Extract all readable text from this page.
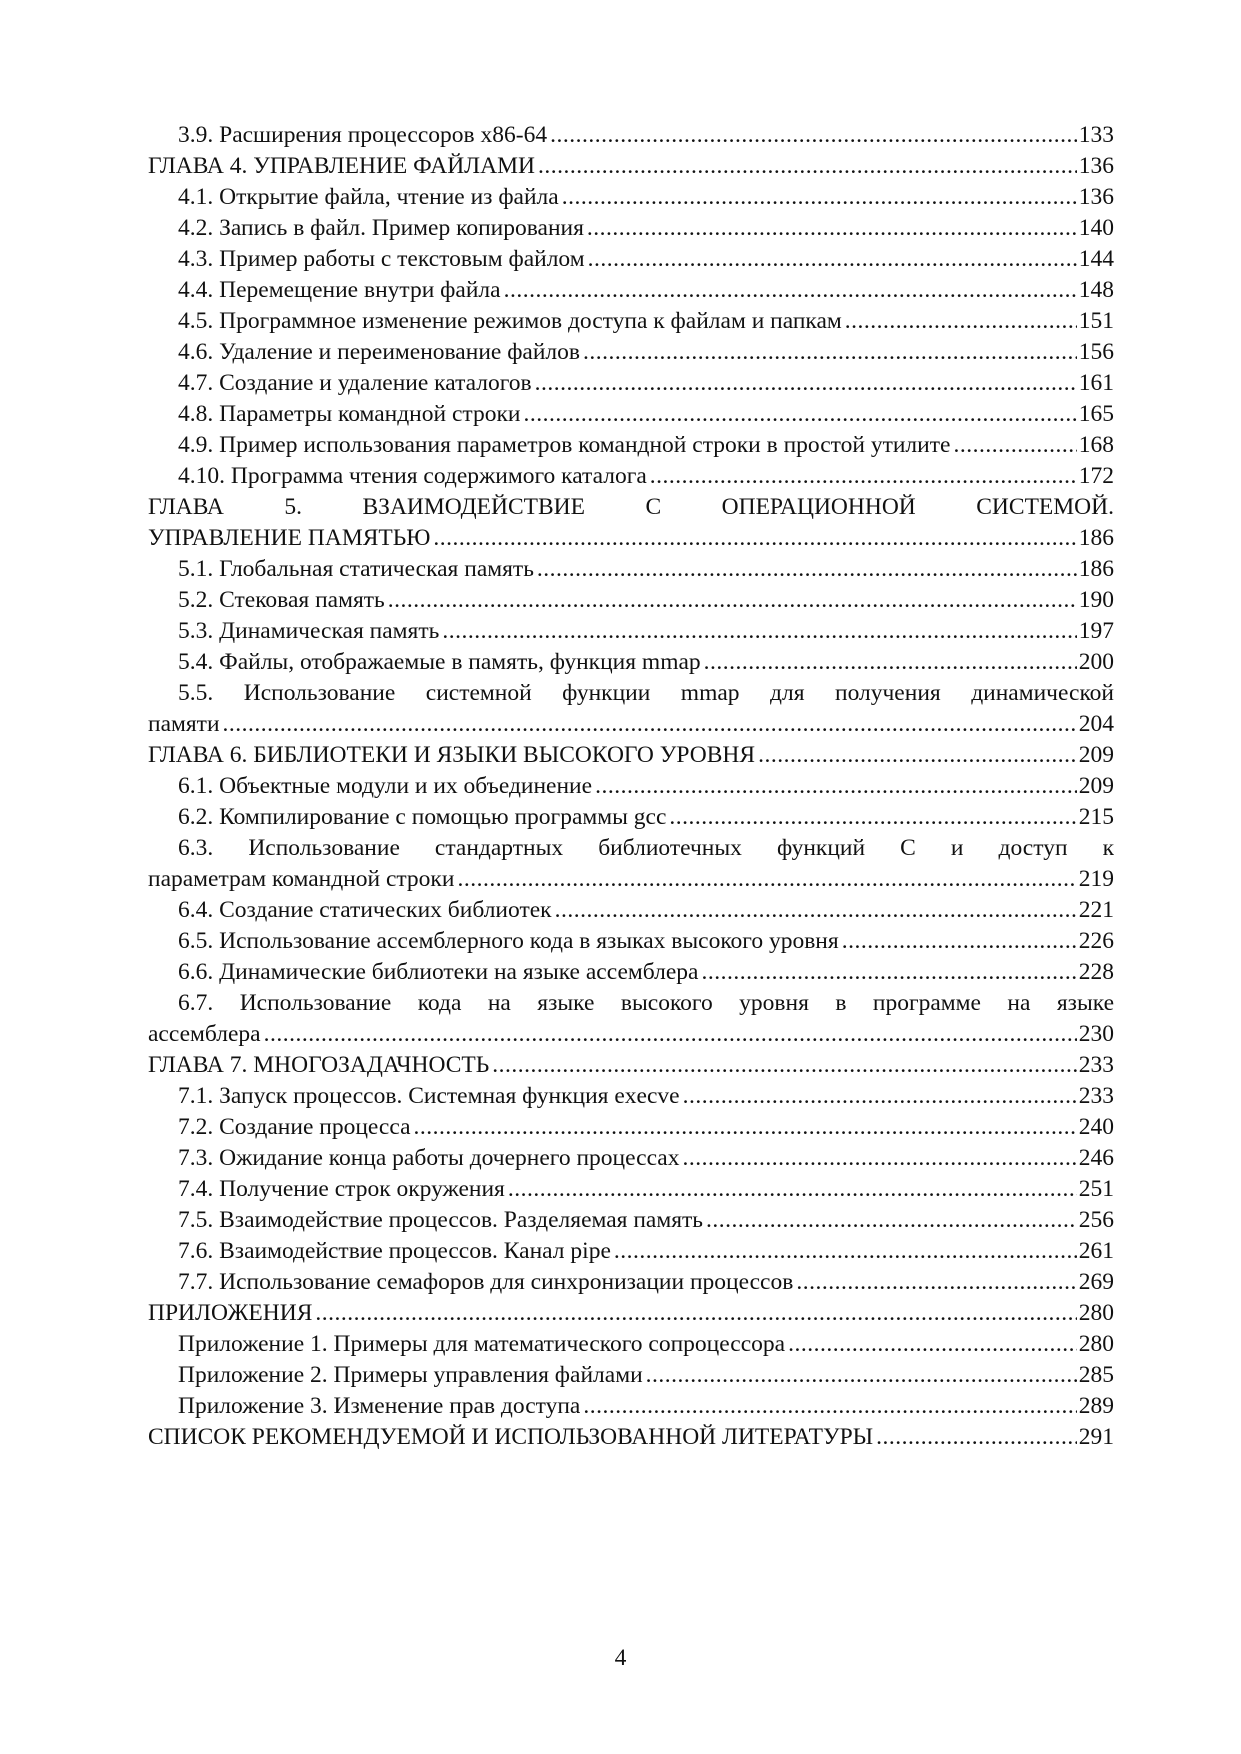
3.9. Расширения процессоров x86-64 .....	133
ГЛАВА 4. УПРАВЛЕНИЕ ФАЙЛАМИ .....	136
4.1. Открытие файла, чтение из файла .....	136
4.2. Запись в файл. Пример копирования .....	140
4.3. Пример работы с текстовым файлом .....	144
4.4. Перемещение внутри файла .....	148
4.5. Программное изменение режимов доступа к файлам и папкам .....	151
4.6. Удаление и переименование файлов .....	156
4.7. Создание и удаление каталогов .....	161
4.8. Параметры командной строки .....	165
4.9. Пример использования параметров командной строки в простой утилите .....	168
4.10. Программа чтения содержимого каталога .....	172
ГЛАВА 5. ВЗАИМОДЕЙСТВИЕ С ОПЕРАЦИОННОЙ СИСТЕМОЙ.
УПРАВЛЕНИЕ ПАМЯТЬЮ .....	186
5.1. Глобальная статическая память .....	186
5.2. Стековая память .....	190
5.3. Динамическая память .....	197
5.4. Файлы, отображаемые в память, функция mmap .....	200
5.5. Использование системной функции mmap для получения динамической
памяти .....	204
ГЛАВА 6. БИБЛИОТЕКИ И ЯЗЫКИ ВЫСОКОГО УРОВНЯ .....	209
6.1. Объектные модули и их объединение .....	209
6.2. Компилирование с помощью программы gcc .....	215
6.3. Использование стандартных библиотечных функций C и доступ к
параметрам командной строки .....	219
6.4. Создание статических библиотек .....	221
6.5. Использование ассемблерного кода в языках высокого уровня .....	226
6.6. Динамические библиотеки на языке ассемблера .....	228
6.7. Использование кода на языке высокого уровня в программе на языке
ассемблера .....	230
ГЛАВА 7. МНОГОЗАДАЧНОСТЬ .....	233
7.1. Запуск процессов. Системная функция execve .....	233
7.2. Создание процесса .....	240
7.3. Ожидание конца работы дочернего процессах .....	246
7.4. Получение строк окружения .....	251
7.5. Взаимодействие процессов. Разделяемая память .....	256
7.6. Взаимодействие процессов. Канал pipe .....	261
7.7. Использование семафоров для синхронизации процессов .....	269
ПРИЛОЖЕНИЯ .....	280
Приложение 1. Примеры для математического сопроцессора .....	280
Приложение 2. Примеры управления файлами .....	285
Приложение 3. Изменение прав доступа .....	289
СПИСОК РЕКОМЕНДУЕМОЙ И ИСПОЛЬЗОВАННОЙ ЛИТЕРАТУРЫ .....	291
4
